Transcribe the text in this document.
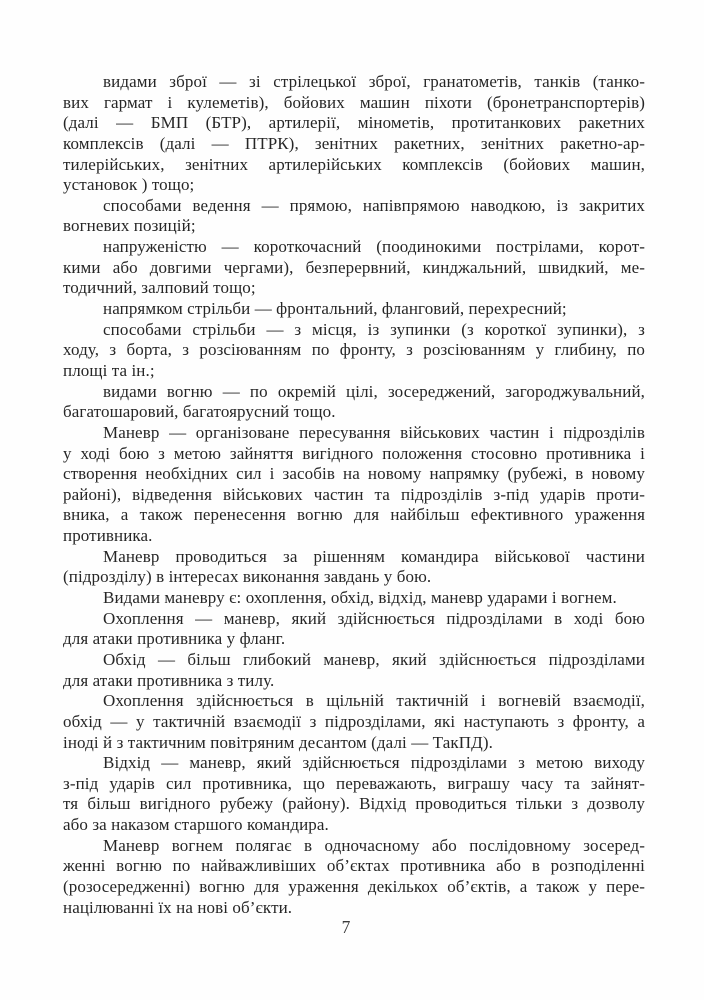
видами зброї — зі стрілецької зброї, гранатометів, танків (танко-
вих гармат і кулеметів), бойових машин піхоти (бронетранспортерів)
(далі — БМП (БТР), артилерії, мінометів, протитанкових ракетних
комплексів (далі — ПТРК), зенітних ракетних, зенітних ракетно-ар-
тилерійських, зенітних артилерійських комплексів (бойових машин,
установок ) тощо;
способами ведення — прямою, напівпрямою наводкою, із закритих
вогневих позицій;
напруженістю — короткочасний (поодинокими пострілами, корот-
кими або довгими чергами), безперервний, кинджальний, швидкий, ме-
тодичний, залповий тощо;
напрямком стрільби — фронтальний, фланговий, перехресний;
способами стрільби — з місця, із зупинки (з короткої зупинки), з
ходу, з борта, з розсіюванням по фронту, з розсіюванням у глибину, по
площі та ін.;
видами вогню — по окремій цілі, зосереджений, загороджувальний,
багатошаровий, багатоярусний тощо.
Маневр — організоване пересування військових частин і підрозділів
у ході бою з метою зайняття вигідного положення стосовно противника і
створення необхідних сил і засобів на новому напрямку (рубежі, в новому
районі), відведення військових частин та підрозділів з-під ударів проти-
вника, а також перенесення вогню для найбільш ефективного ураження
противника.
Маневр проводиться за рішенням командира військової частини
(підрозділу) в інтересах виконання завдань у бою.
Видами маневру є: охоплення, обхід, відхід, маневр ударами і вогнем.
Охоплення — маневр, який здійснюється підрозділами в ході бою
для атаки противника у фланг.
Обхід — більш глибокий маневр, який здійснюється підрозділами
для атаки противника з тилу.
Охоплення здійснюється в щільній тактичній і вогневій взаємодії,
обхід — у тактичній взаємодії з підрозділами, які наступають з фронту, а
іноді й з тактичним повітряним десантом (далі — ТакПД).
Відхід — маневр, який здійснюється підрозділами з метою виходу
з-під ударів сил противника, що переважають, виграшу часу та зайнят-
тя більш вигідного рубежу (району). Відхід проводиться тільки з дозволу
або за наказом старшого командира.
Маневр вогнем полягає в одночасному або послідовному зосеред-
женні вогню по найважливіших об’єктах противника або в розподіленні
(розосередженні) вогню для ураження декількох об’єктів, а також у пере-
націлюванні їх на нові об’єкти.
7
